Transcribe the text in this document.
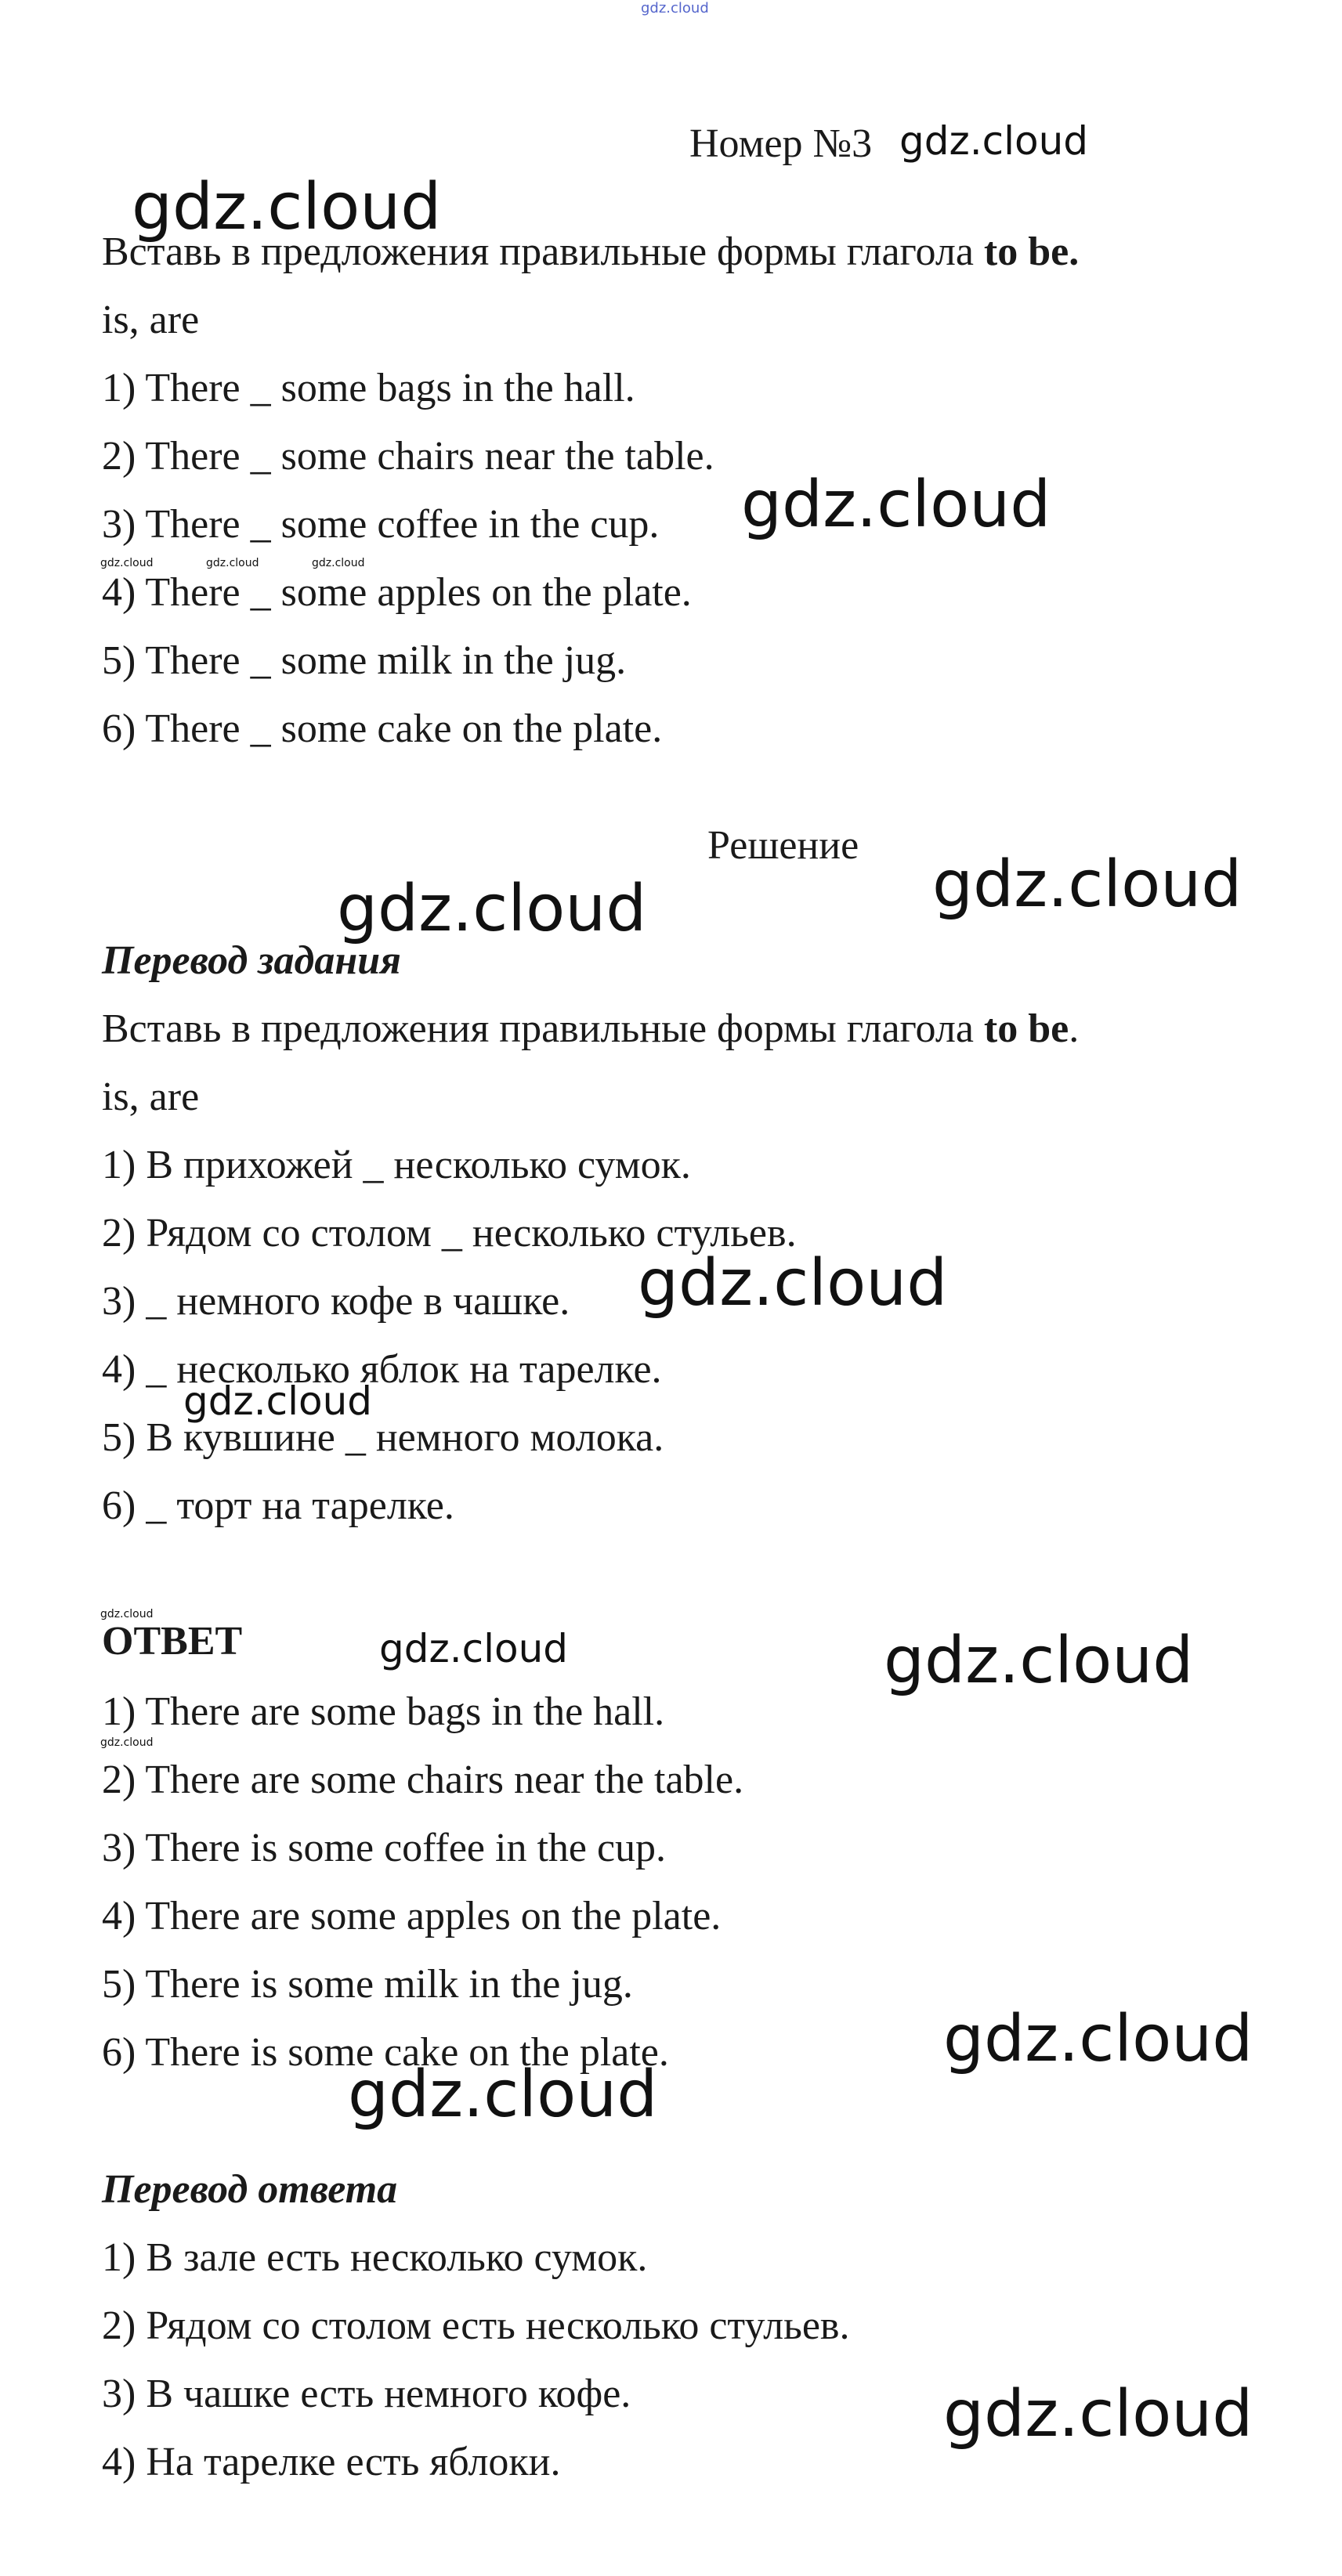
gdz.cloud
Номер №3
Вставь в предложения правильные формы глагола to be.
is, are
1) There _ some bags in the hall.
2) There _ some chairs near the table.
3) There _ some coffee in the cup.
4) There _ some apples on the plate.
5) There _ some milk in the jug.
6) There _ some cake on the plate.
Решение
Перевод задания
Вставь в предложения правильные формы глагола to be.
is, are
1) В прихожей _ несколько сумок.
2) Рядом со столом _ несколько стульев.
3) _ немного кофе в чашке.
4) _ несколько яблок на тарелке.
5) В кувшине _ немного молока.
6) _ торт на тарелке.
ОТВЕТ
1) There are some bags in the hall.
2) There are some chairs near the table.
3) There is some coffee in the cup.
4) There are some apples on the plate.
5) There is some milk in the jug.
6) There is some cake on the plate.
Перевод ответа
1) В зале есть несколько сумок.
2) Рядом со столом есть несколько стульев.
3) В чашке есть немного кофе.
4) На тарелке есть яблоки.
gdz.cloud
gdz.cloud
gdz.cloud
gdz.cloud	gdz.cloud	gdz.cloud
gdz.cloud
gdz.cloud
gdz.cloud
gdz.cloud
gdz.cloud
gdz.cloud	gdz.cloud
gdz.cloud
gdz.cloud
gdz.cloud
gdz.cloud
